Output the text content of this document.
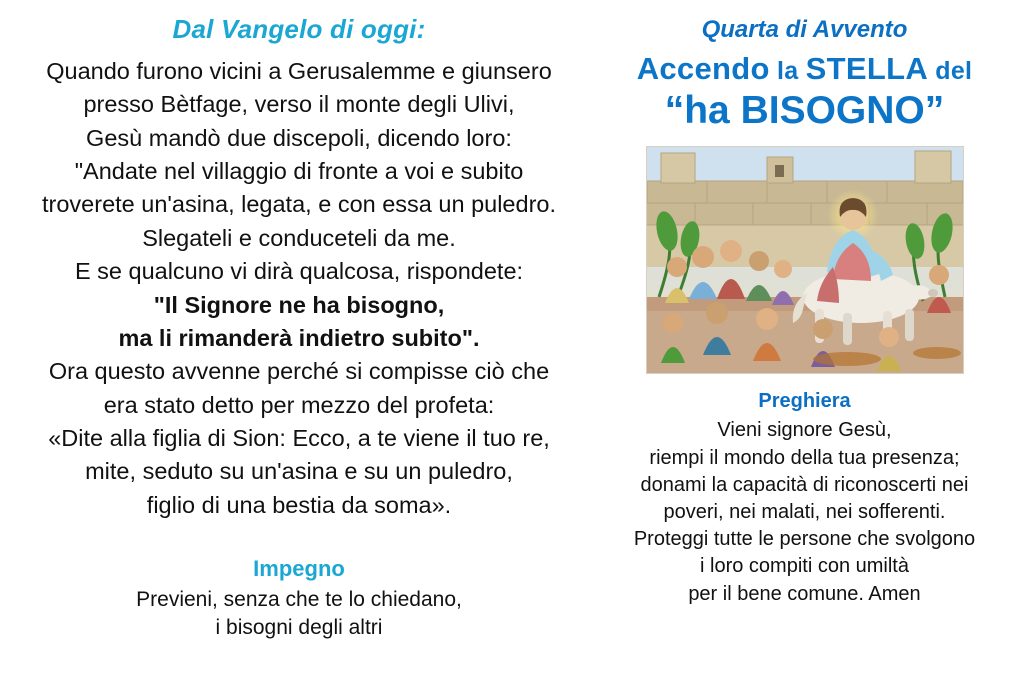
Dal Vangelo di oggi:
Quando furono vicini a Gerusalemme e giunsero
presso Bètfage, verso il monte degli Ulivi,
Gesù mandò due discepoli, dicendo loro:
"Andate nel villaggio di fronte a voi e subito
troverete un'asina, legata, e con essa un puledro.
Slegateli e conduceteli da me.
E se qualcuno vi dirà qualcosa, rispondete:
"Il Signore ne ha bisogno,
ma li rimanderà indietro subito".
Ora questo avvenne perché si compisse ciò che
era stato detto per mezzo del profeta:
«Dite alla figlia di Sion: Ecco, a te viene il tuo re,
mite, seduto su un'asina e su un puledro,
figlio di una bestia da soma».
Impegno
Previeni, senza che te lo chiedano,
i bisogni degli altri
Quarta di Avvento
Accendo la STELLA del
“ha BISOGNO”
Preghiera
Vieni signore Gesù,
riempi il mondo della tua presenza;
donami la capacità di riconoscerti nei
poveri, nei malati, nei sofferenti.
Proteggi tutte le persone che svolgono
i loro compiti con umiltà
per il bene comune. Amen
